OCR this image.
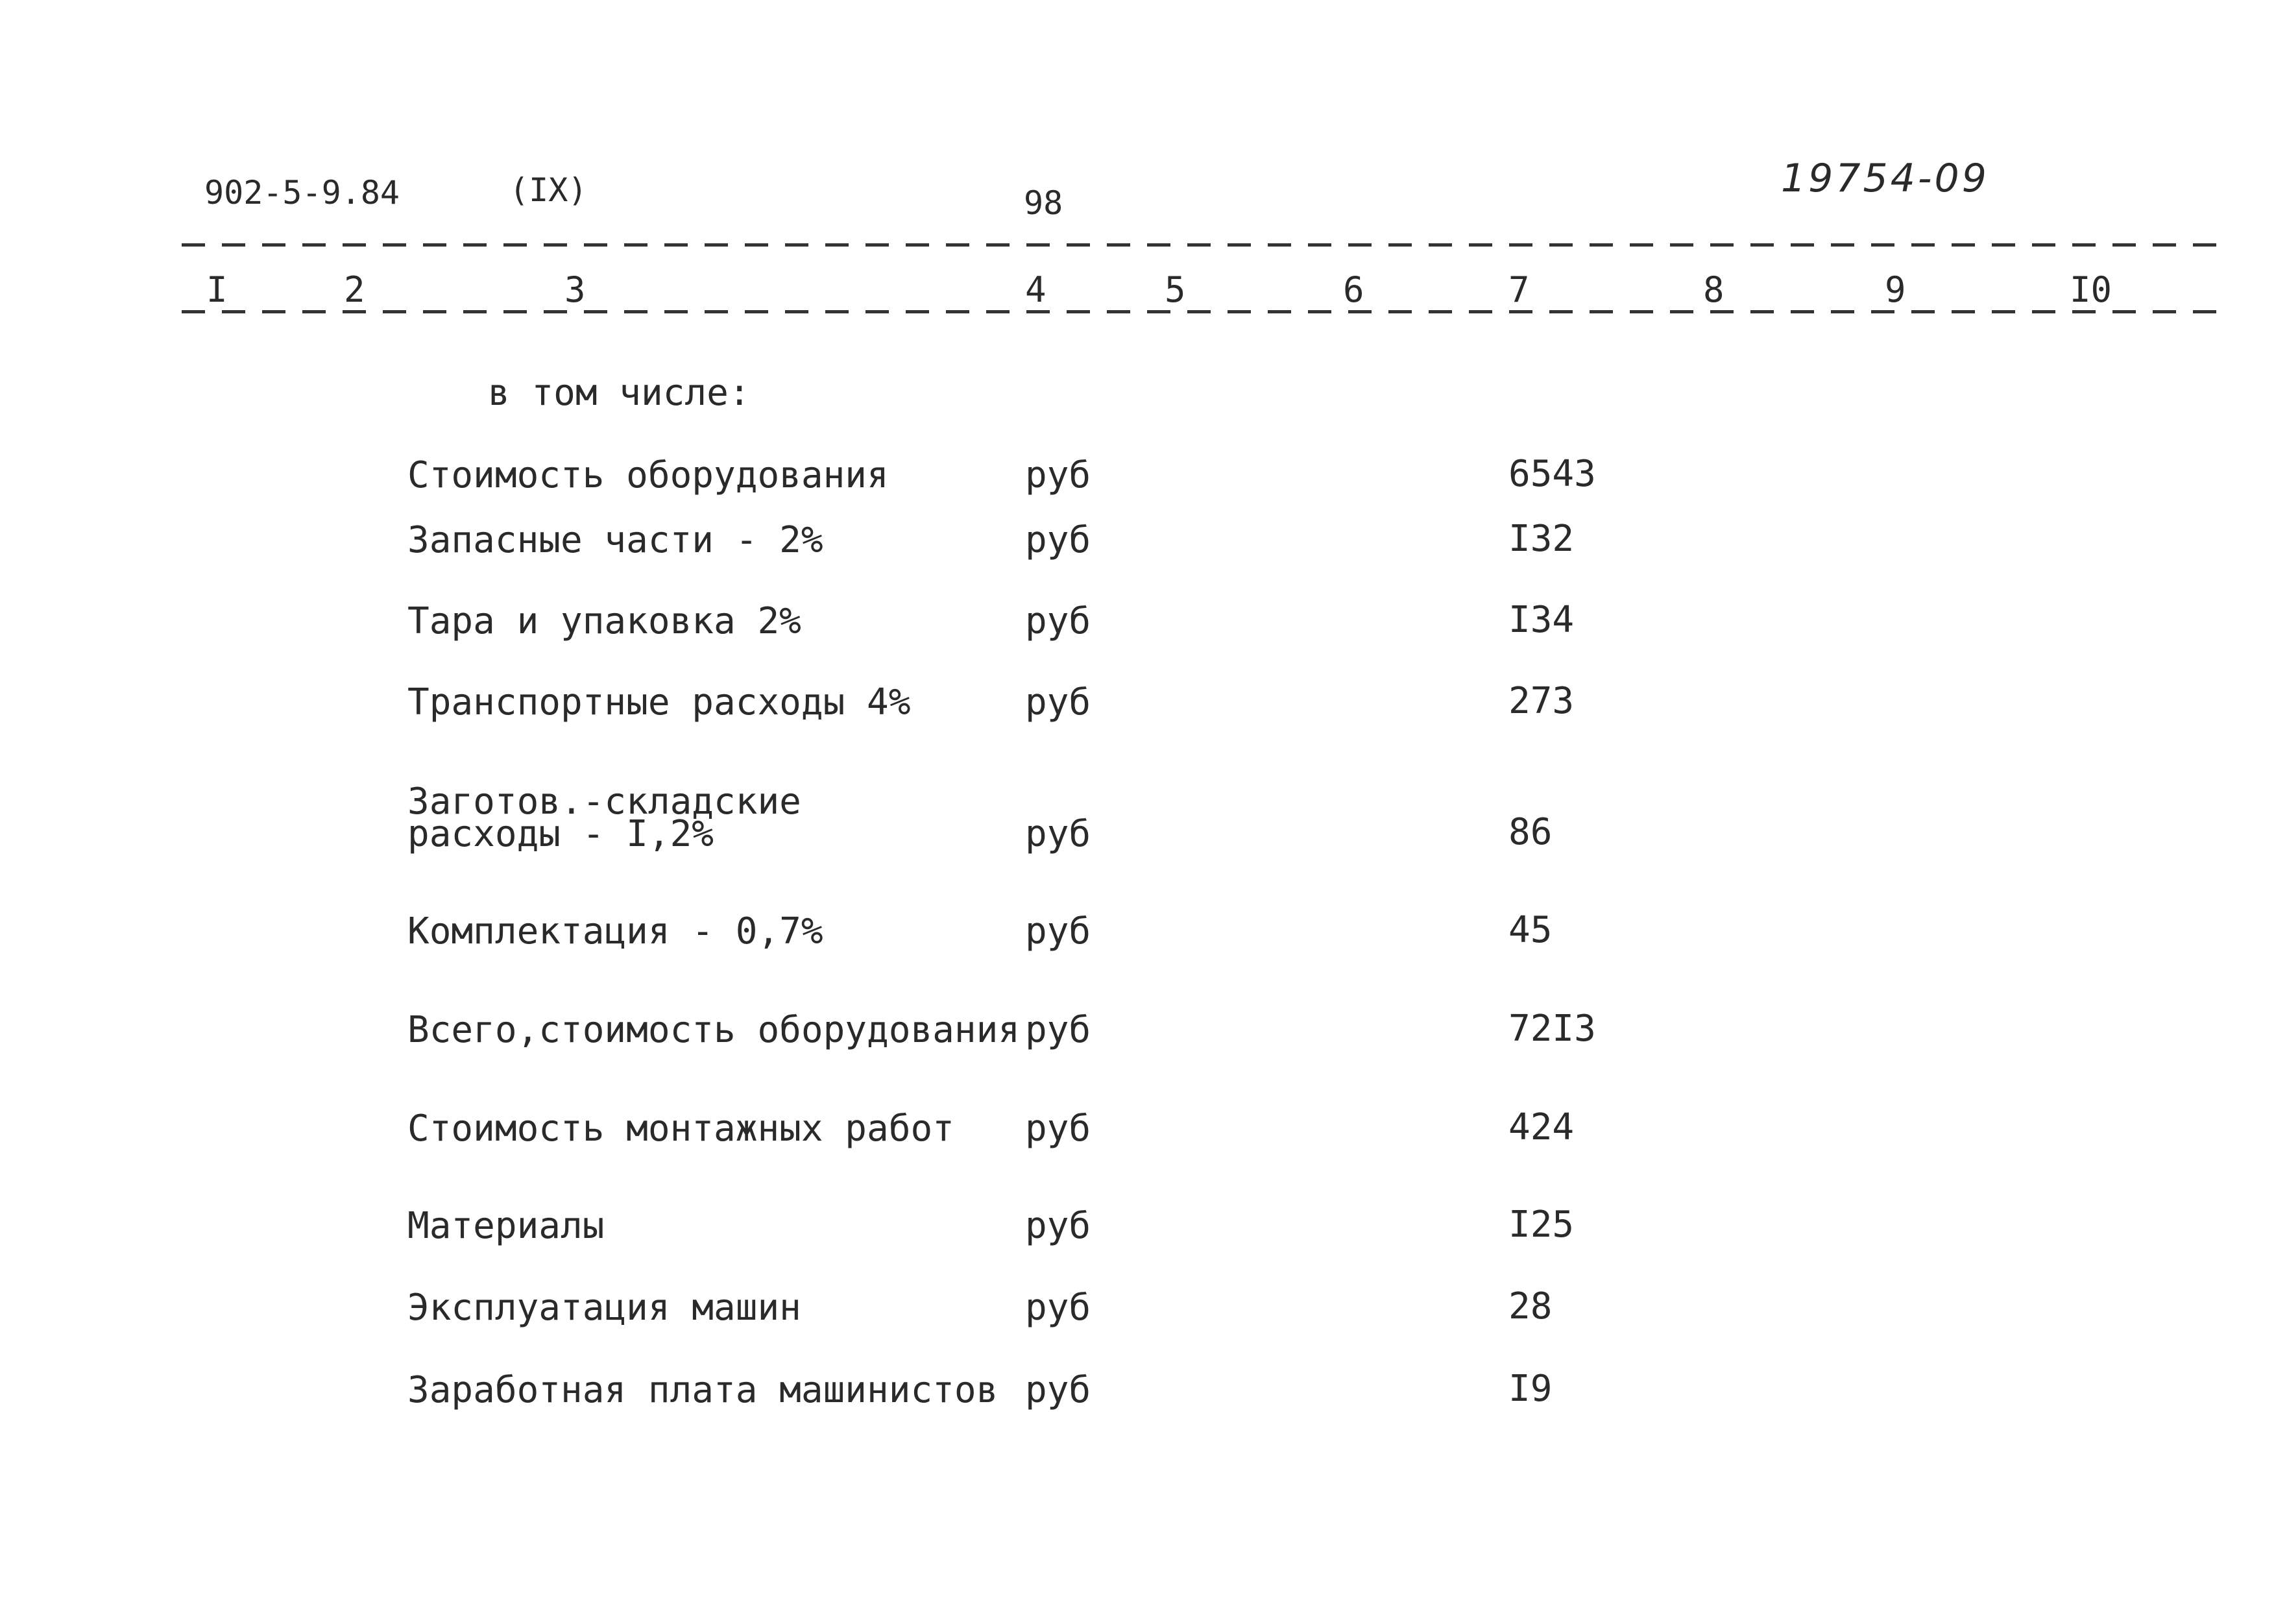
902-5-9.84	(IX)	98
19754-09
I	2	3	4	5	6	7	8	9	I0
в том числе:
Стоимость оборудования	руб	6543
Запасные части - 2%	руб	I32
Тара и упаковка 2%	руб	I34
Транспортные расходы 4%	руб	273
Заготов.-складские
расходы - I,2%	руб	86
Комплектация - 0,7%	руб	45
Всего,стоимость оборудования руб	72I3
Стоимость монтажных работ руб	424
Материалы	руб	I25
Эксплуатация машин	руб	28
Заработная плата машинистов руб	I9
